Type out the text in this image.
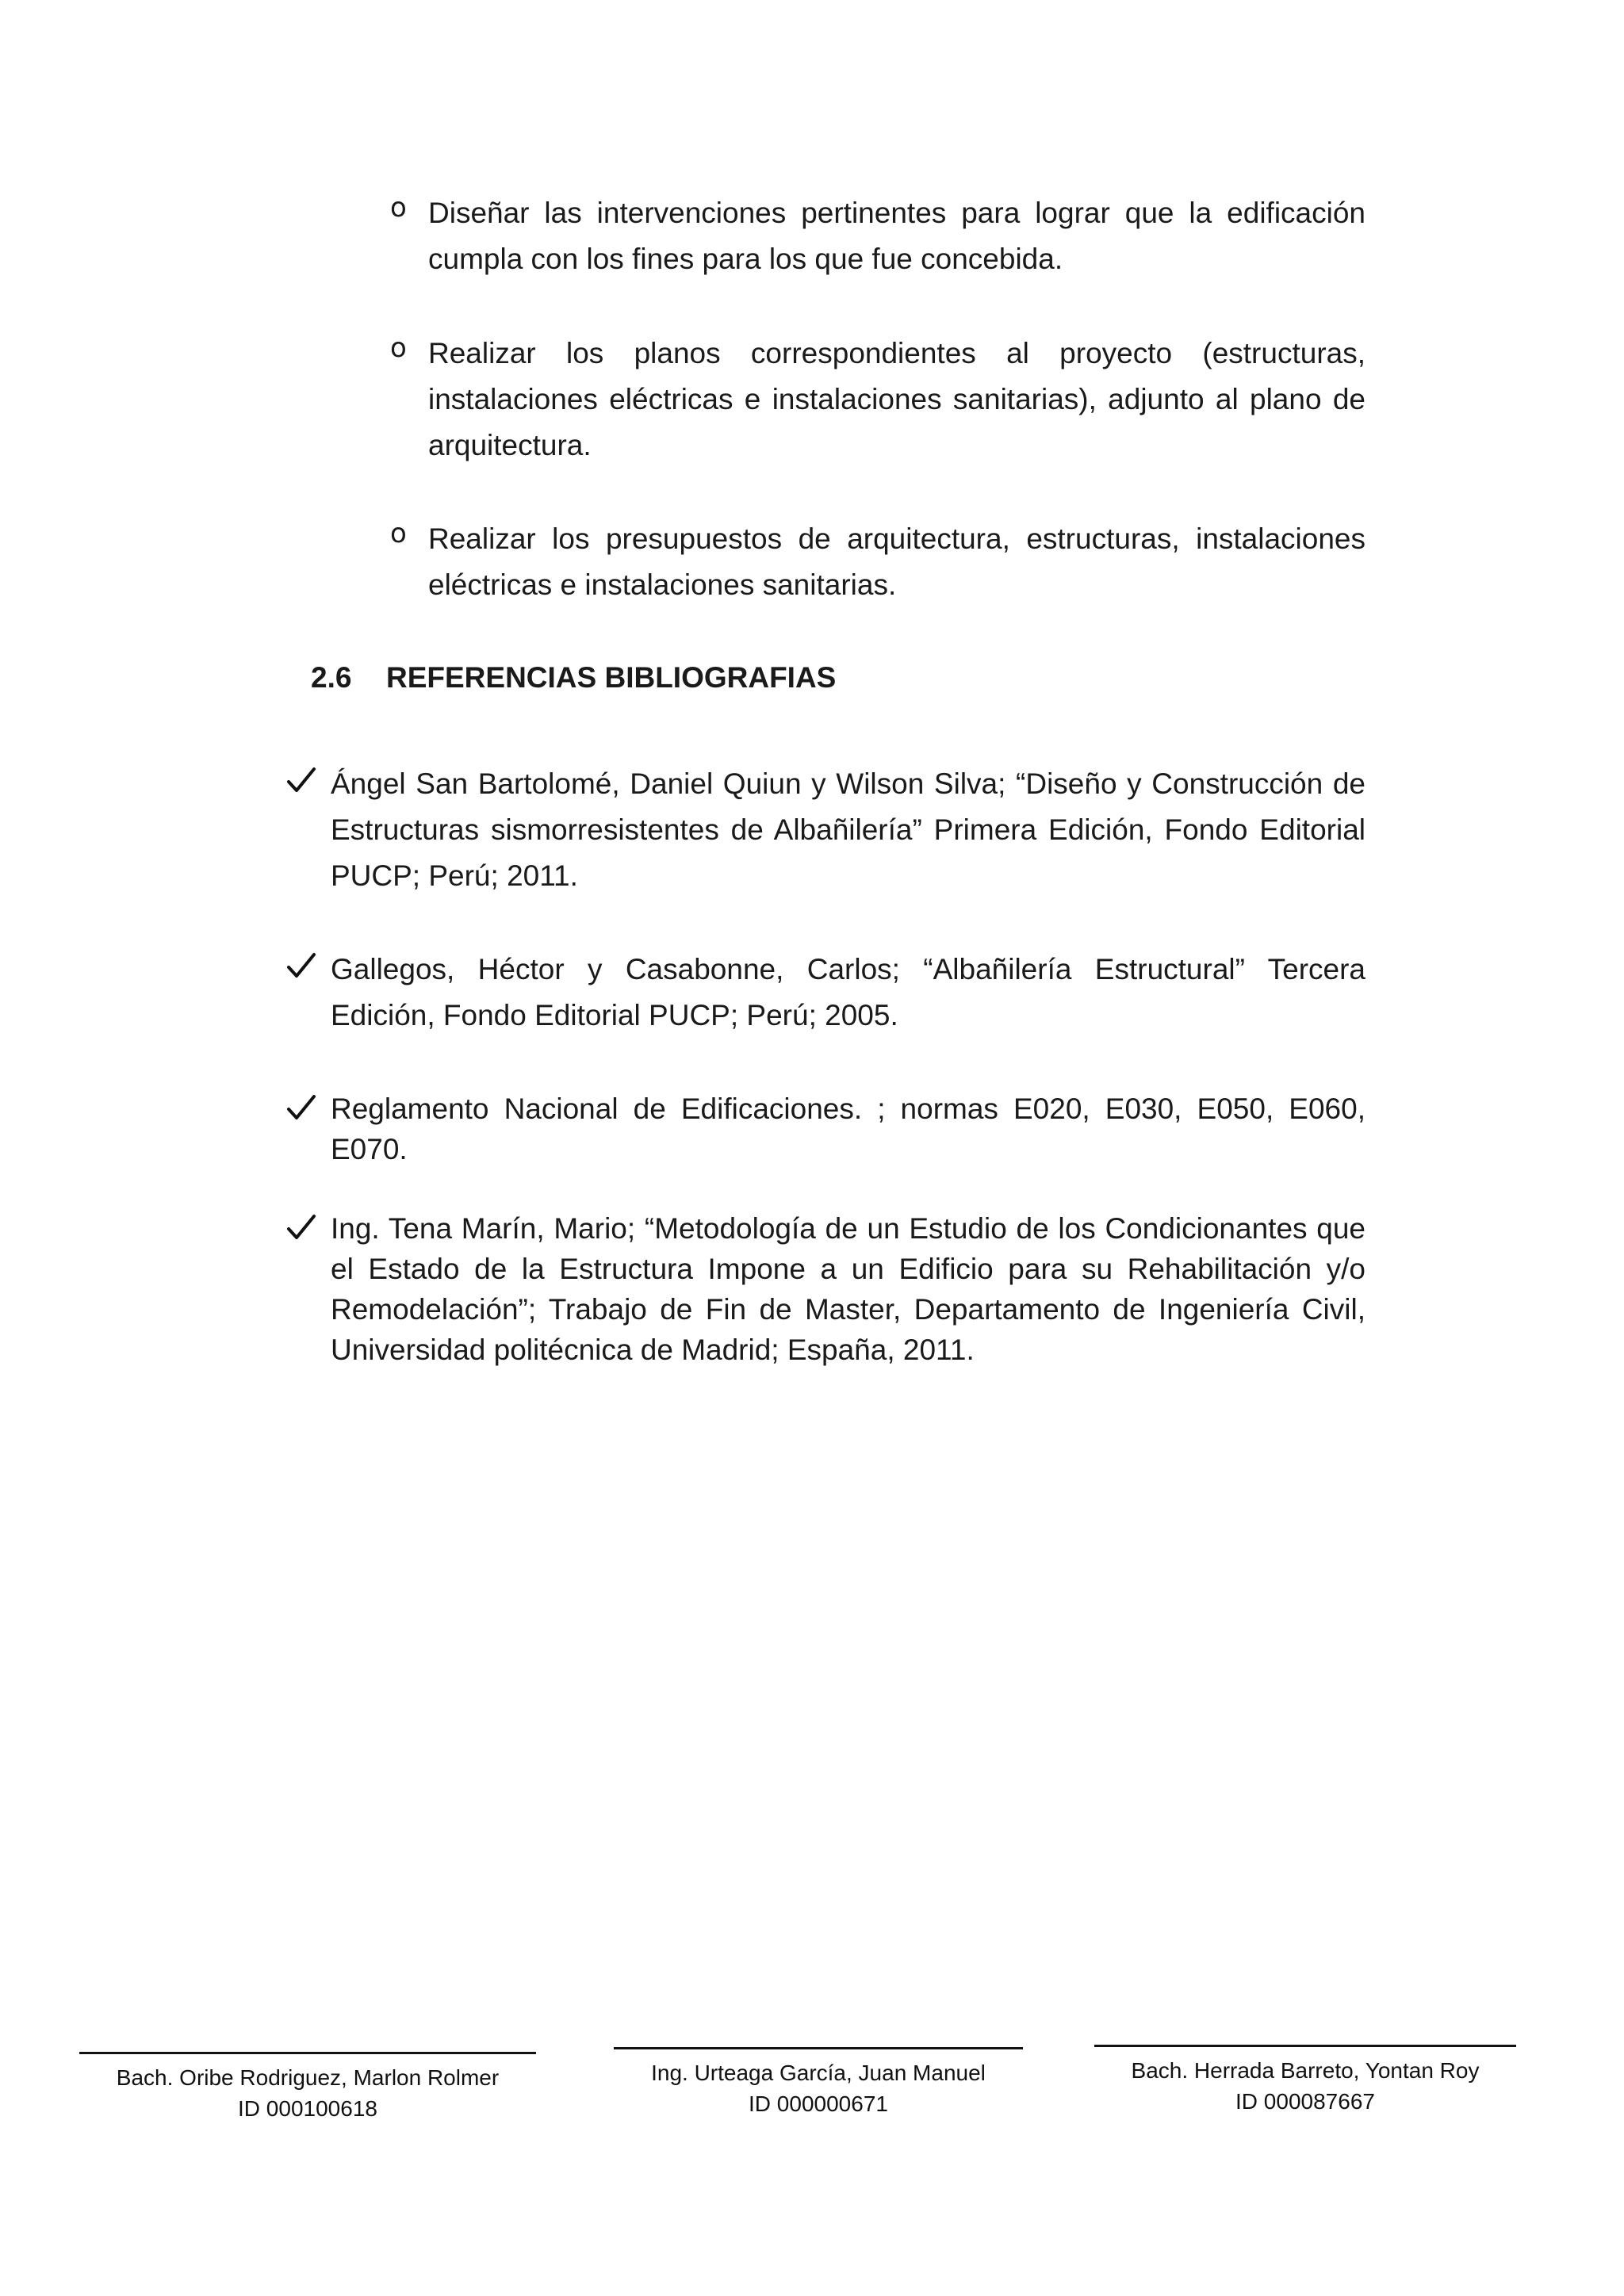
o Diseñar las intervenciones pertinentes para lograr que la edificación cumpla con los fines para los que fue concebida.
o Realizar los planos correspondientes al proyecto (estructuras, instalaciones eléctricas e instalaciones sanitarias), adjunto al plano de arquitectura.
o Realizar los presupuestos de arquitectura, estructuras, instalaciones eléctricas e instalaciones sanitarias.
2.6 REFERENCIAS BIBLIOGRAFIAS
Ángel San Bartolomé, Daniel Quiun y Wilson Silva; “Diseño y Construcción de Estructuras sismorresistentes de Albañilería” Primera Edición, Fondo Editorial PUCP; Perú; 2011.
Gallegos, Héctor y Casabonne, Carlos; “Albañilería Estructural” Tercera Edición, Fondo Editorial PUCP; Perú; 2005.
Reglamento Nacional de Edificaciones. ; normas E020, E030, E050, E060, E070.
Ing. Tena Marín, Mario; “Metodología de un Estudio de los Condicionantes que el Estado de la Estructura Impone a un Edificio para su Rehabilitación y/o Remodelación”; Trabajo de Fin de Master, Departamento de Ingeniería Civil, Universidad politécnica de Madrid; España, 2011.
Bach. Oribe Rodriguez, Marlon Rolmer
ID 000100618
Ing. Urteaga García, Juan Manuel
ID 000000671
Bach. Herrada Barreto, Yontan Roy
ID 000087667
